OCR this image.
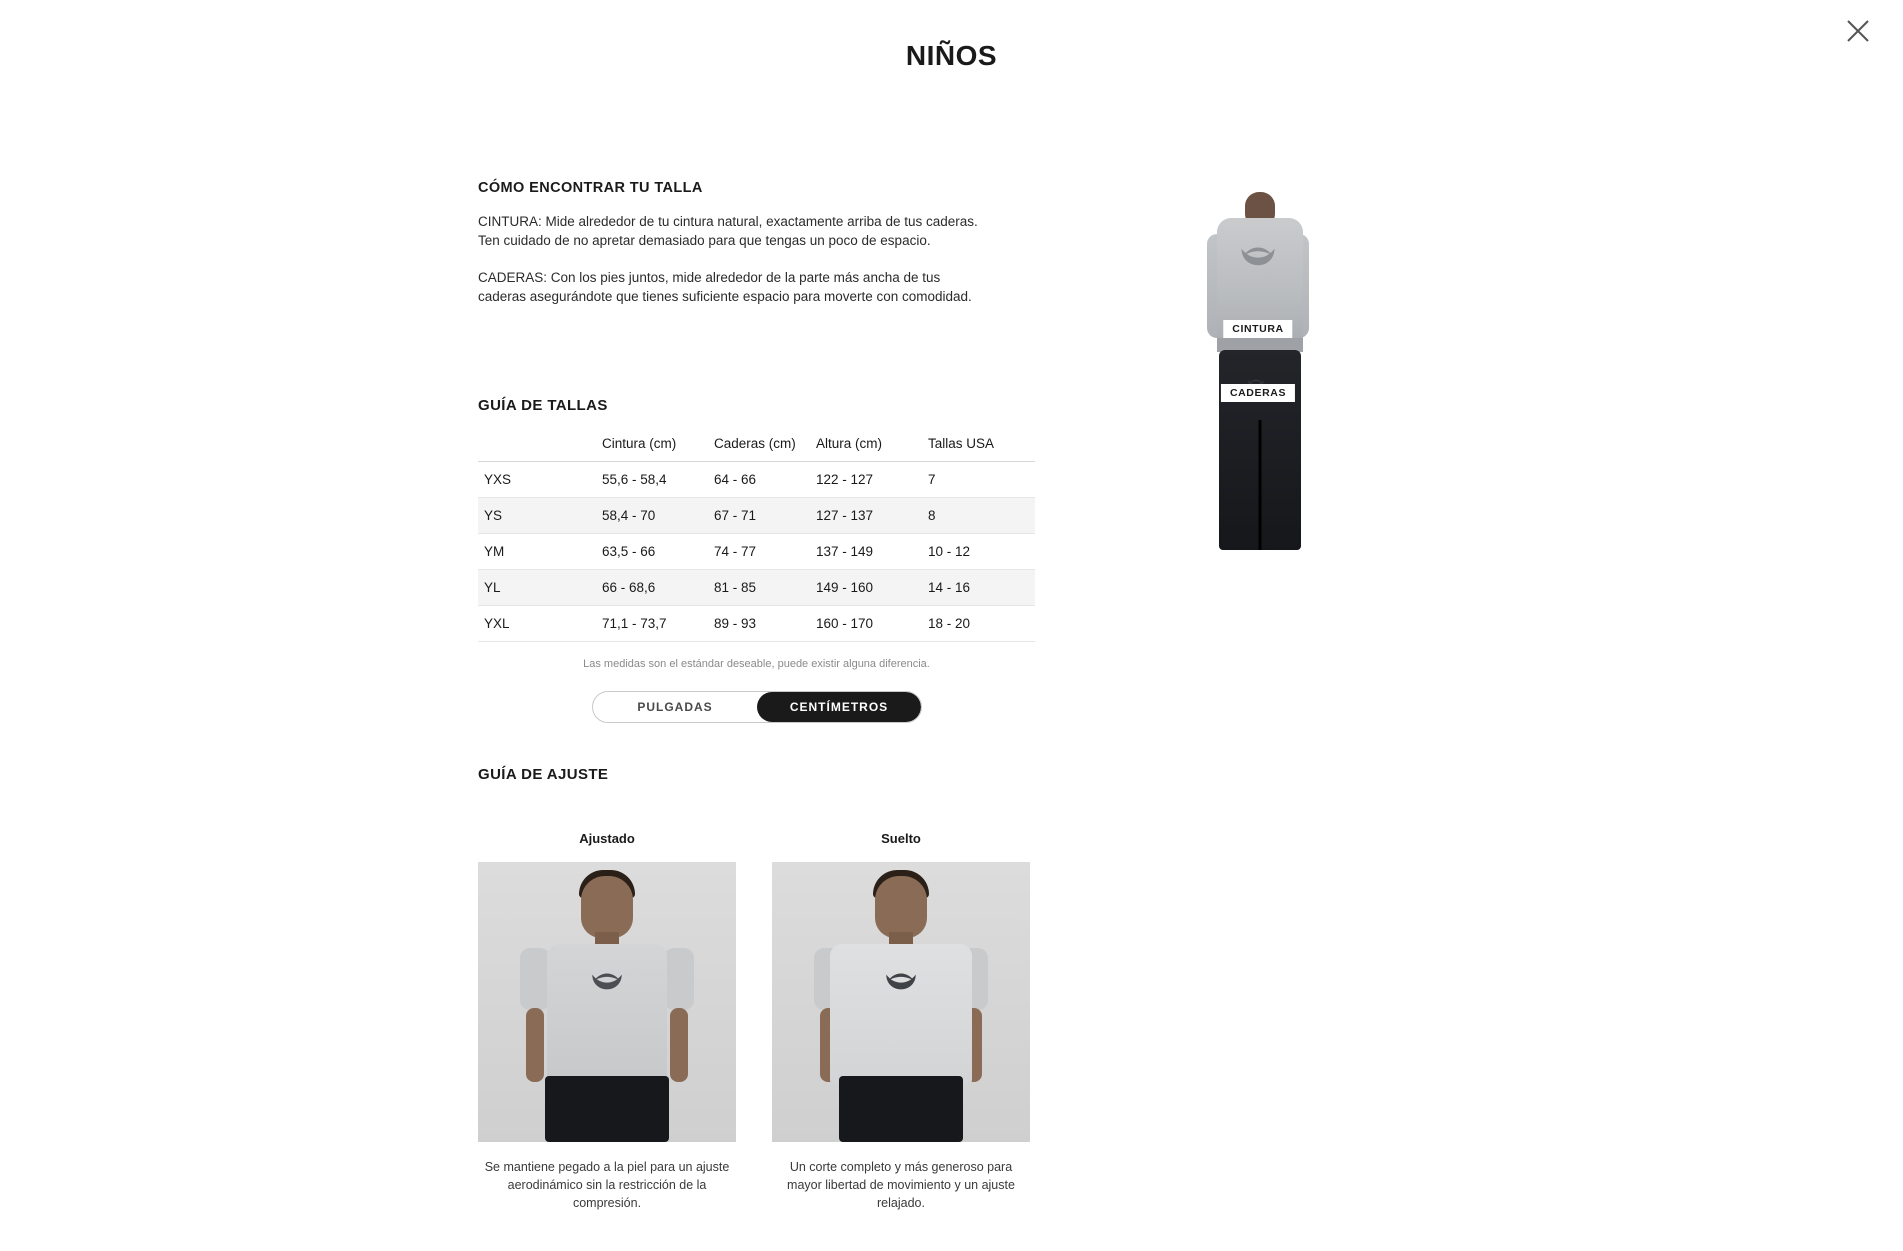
NIÑOS
CÓMO ENCONTRAR TU TALLA

CINTURA: Mide alrededor de tu cintura natural, exactamente arriba de tus caderas. Ten cuidado de no apretar demasiado para que tengas un poco de espacio.

CADERAS: Con los pies juntos, mide alrededor de la parte más ancha de tus caderas asegurándote que tienes suficiente espacio para moverte con comodidad.

CINTURA
CADERAS
GUÍA DE TALLAS
	Cintura (cm)	Caderas (cm)	Altura (cm)	Tallas USA
YXS	55,6 - 58,4	64 - 66	122 - 127	7
YS	58,4 - 70	67 - 71	127 - 137	8
YM	63,5 - 66	74 - 77	137 - 149	10 - 12
YL	66 - 68,6	81 - 85	149 - 160	14 - 16
YXL	71,1 - 73,7	89 - 93	160 - 170	18 - 20
Las medidas son el estándar deseable, puede existir alguna diferencia.
PULGADAS	CENTÍMETROS
GUÍA DE AJUSTE
Ajustado
Se mantiene pegado a la piel para un ajuste aerodinámico sin la restricción de la compresión.
Suelto
Un corte completo y más generoso para mayor libertad de movimiento y un ajuste relajado.
